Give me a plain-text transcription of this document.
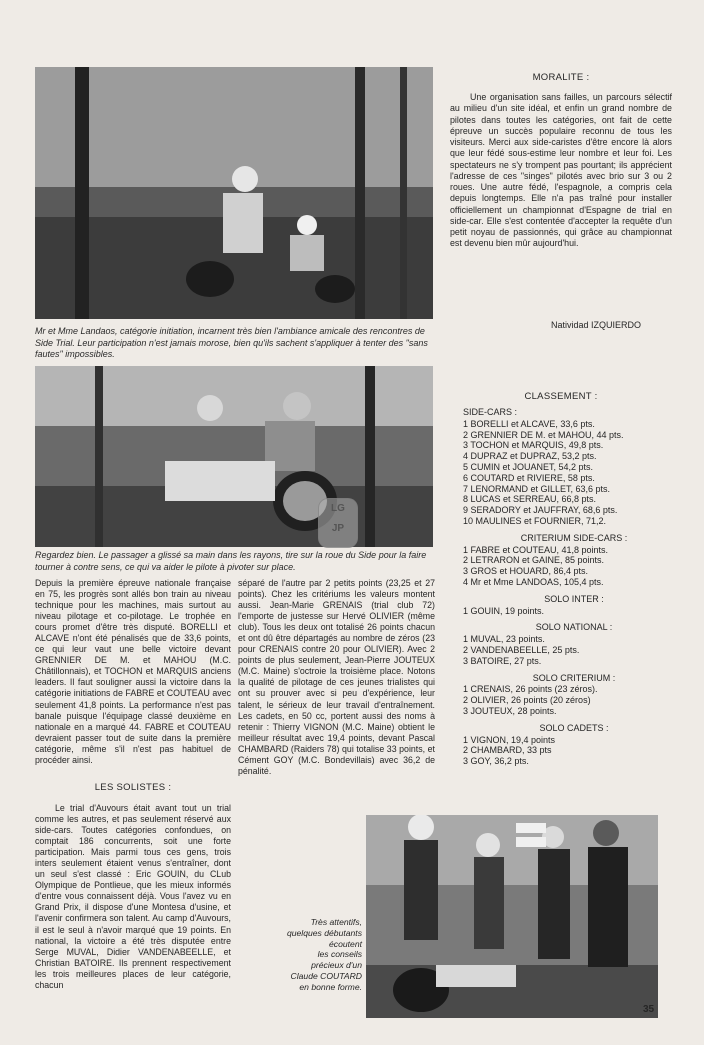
Mr et Mme Landaos, catégorie initiation, incarnent très bien l'ambiance amicale des rencontres de Side Trial. Leur participation n'est jamais morose, bien qu'ils sachent s'appliquer à tenter des "sans fautes" impossibles.
LG
JP
Regardez bien. Le passager a glissé sa main dans les rayons, tire sur la roue du Side pour la faire tourner à contre sens, ce qui va aider le pilote à pivoter sur place.
Depuis la première épreuve nationale française en 75, les progrès sont allés bon train au niveau technique pour les machines, mais surtout au niveau pilotage et co-pilotage. Le trophée en cours promet d'être très disputé. BORELLI et ALCAVE n'ont été pénalisés que de 33,6 points, ce qui leur vaut une belle victoire devant GRENNIER DE M. et MAHOU (M.C. Châtillonnais), et TOCHON et MARQUIS anciens leaders. Il faut souligner aussi la victoire dans la catégorie initiations de FABRE et COUTEAU avec seulement 41,8 points. La performance n'est pas banale puisque l'équipage classé deuxième en nationale en a marqué 44. FABRE et COUTEAU devraient passer tout de suite dans la première catégorie, même s'il n'est pas habituel de procéder ainsi.
LES SOLISTES :
Le trial d'Auvours était avant tout un trial comme les autres, et pas seulement réservé aux side-cars. Toutes catégories confondues, on comptait 186 concurrents, soit une forte participation. Mais parmi tous ces gens, trois inters seulement étaient venus s'entraîner, dont un seul s'est classé : Eric GOUIN, du CLub Olympique de Pontlieue, que les mieux informés d'entre vous connaissent déjà. Vous l'avez vu en Grand Prix, il dispose d'une Montesa d'usine, et l'avenir confirmera son talent. Au camp d'Auvours, il est le seul à n'avoir marqué que 19 points. En national, la victoire a été très disputée entre Serge MUVAL, Didier VANDENABEELLE, et Christian BATOIRE. Ils prennent respectivement les trois meilleures places de leur catégorie, chacun
séparé de l'autre par 2 petits points (23,25 et 27 points). Chez les critériums les valeurs montent aussi. Jean-Marie GRENAIS (trial club 72) l'emporte de justesse sur Hervé OLIVIER (même club). Tous les deux ont totalisé 26 points chacun et ont dû être départagés au nombre de zéros (23 pour CRENAIS contre 20 pour OLIVIER). Avec 2 points de plus seulement, Jean-Pierre JOUTEUX (M.C. Maine) s'octroie la troisième place. Notons la qualité de pilotage de ces jeunes trialistes qui ont su prouver avec si peu d'expérience, leur talent, le sérieux de leur travail d'entraînement. Les cadets, en 50 cc, portent aussi des noms à retenir : Thierry VIGNON (M.C. Maine) obtient le meilleur résultat avec 19,4 points, devant Pascal CHAMBARD (Raiders 78) qui totalise 33 points, et Cément GOY (M.C. Bondevillais) avec 36,2 de pénalité.
MORALITE :
Une organisation sans failles, un parcours sélectif au milieu d'un site idéal, et enfin un grand nombre de pilotes dans toutes les catégories, ont fait de cette épreuve un succès populaire reconnu de tous les visiteurs. Merci aux side-caristes d'être encore là alors que leur fédé sous-estime leur nombre et leur foi. Les spectateurs ne s'y trompent pas pourtant; ils apprécient l'adresse de ces "singes" pilotés avec brio sur 3 ou 2 roues. Une autre fédé, l'espagnole, a compris cela depuis longtemps. Elle n'a pas traîné pour installer officiellement un championnat d'Espagne de trial en side-car. Elle s'est contentée d'accepter la requête d'un petit noyau de passionnés, qui grâce au championnat est devenu bien mûr aujourd'hui.
Natividad IZQUIERDO
CLASSEMENT :
SIDE-CARS :
1 BORELLI et ALCAVE, 33,6 pts.
2 GRENNIER DE M. et MAHOU, 44 pts.
3 TOCHON et MARQUIS, 49,8 pts.
4 DUPRAZ et DUPRAZ, 53,2 pts.
5 CUMIN et JOUANET, 54,2 pts.
6 COUTARD et RIVIERE, 58 pts.
7 LENORMAND et GILLET, 63,6 pts.
8 LUCAS et SERREAU, 66,8 pts.
9 SERADORY et JAUFFRAY, 68,6 pts.
10 MAULINES et FOURNIER, 71,2.
CRITERIUM SIDE-CARS :
1 FABRE et COUTEAU, 41,8 points.
2 LETRARON et GAINE, 85 points.
3 GROS et HOUARD, 86,4 pts.
4 Mr et Mme LANDOAS, 105,4 pts.
SOLO INTER :
1 GOUIN, 19 points.
SOLO NATIONAL :
1 MUVAL, 23 points.
2 VANDENABEELLE, 25 pts.
3 BATOIRE, 27 pts.
SOLO CRITERIUM :
1 CRENAIS, 26 points (23 zéros).
2 OLIVIER, 26 points (20 zéros)
3 JOUTEUX, 28 points.
SOLO CADETS :
1 VIGNON, 19,4 points
2 CHAMBARD, 33 pts
3 GOY, 36,2 pts.
Très attentifs,
quelques débutants
écoutent
les conseils
précieux d'un
Claude COUTARD
en bonne forme.
35
